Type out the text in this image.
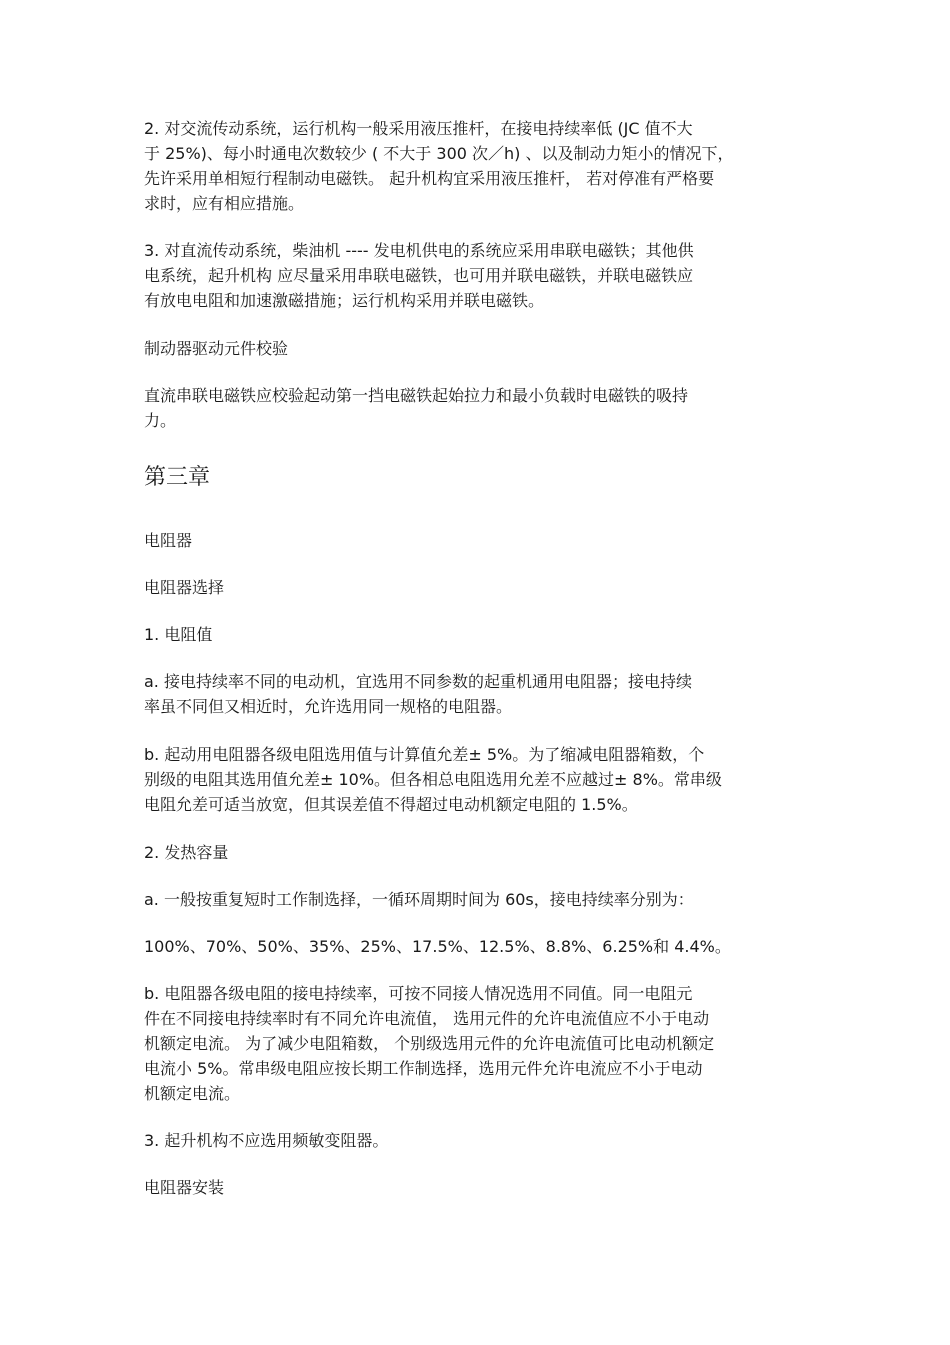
2. 对交流传动系统，运行机构一般采用液压推杆，在接电持续率低 (JC 值不大
于 25%)、每小时通电次数较少 ( 不大于 300 次／h) 、以及制动力矩小的情况下，
先许采用单相短行程制动电磁铁。 起升机构宜采用液压推杆， 若对停准有严格要
求时，应有相应措施。
3. 对直流传动系统，柴油机 ---- 发电机供电的系统应采用串联电磁铁；其他供
电系统，起升机构 应尽量采用串联电磁铁，也可用并联电磁铁，并联电磁铁应
有放电电阻和加速激磁措施；运行机构采用并联电磁铁。
制动器驱动元件校验
直流串联电磁铁应校验起动第一挡电磁铁起始拉力和最小负载时电磁铁的吸持
力。
第三章
电阻器
电阻器选择
1. 电阻值
a. 接电持续率不同的电动机，宜选用不同参数的起重机通用电阻器；接电持续
率虽不同但又相近时，允许选用同一规格的电阻器。
b. 起动用电阻器各级电阻选用值与计算值允差± 5%。为了缩减电阻器箱数，个
别级的电阻其选用值允差± 10%。但各相总电阻选用允差不应越过± 8%。常串级
电阻允差可适当放宽，但其误差值不得超过电动机额定电阻的 1.5%。
2. 发热容量
a. 一般按重复短时工作制选择，一循环周期时间为 60s，接电持续率分别为：
100%、70%、50%、35%、25%、17.5%、12.5%、8.8%、6.25%和 4.4%。
b. 电阻器各级电阻的接电持续率，可按不同接人情况选用不同值。同一电阻元
件在不同接电持续率时有不同允许电流值， 选用元件的允许电流值应不小于电动
机额定电流。 为了减少电阻箱数， 个别级选用元件的允许电流值可比电动机额定
电流小 5%。常串级电阻应按长期工作制选择，选用元件允许电流应不小于电动
机额定电流。
3. 起升机构不应选用频敏变阻器。
电阻器安装
